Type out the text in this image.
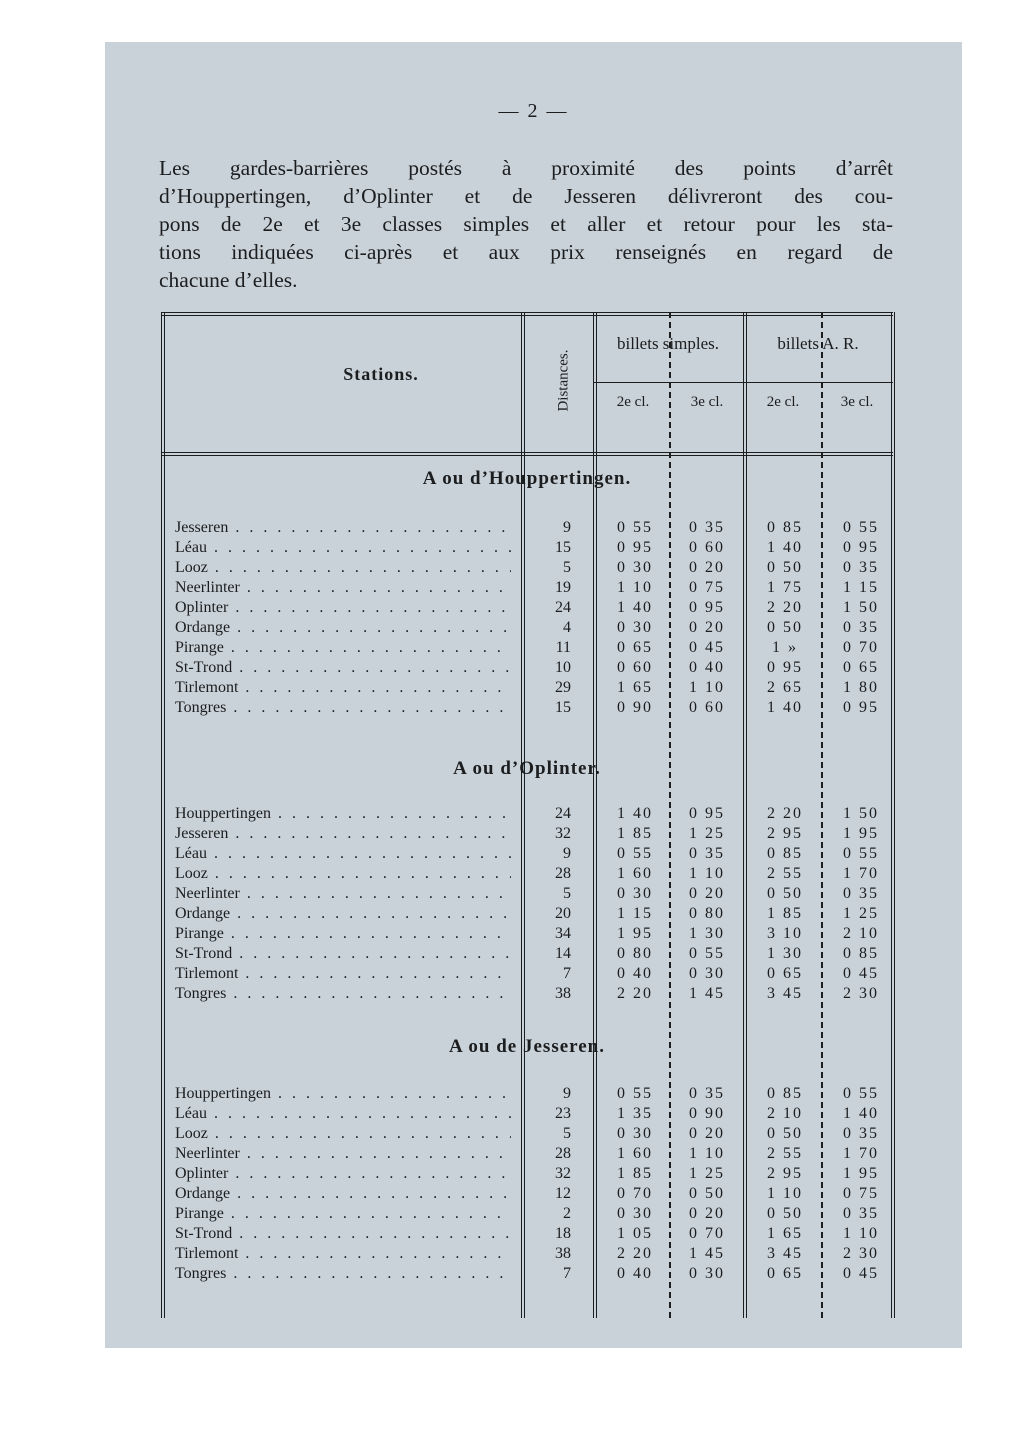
— 2 —
Les gardes-barrières postés à proximité des points d’arrêt
d’Houppertingen, d’Oplinter et de Jesseren délivreront des cou-
pons de 2e et 3e classes simples et aller et retour pour les sta-
tions indiquées ci-après et aux prix renseignés en regard de
chacune d’elles.
Stations.	Distances.
billets simples.	billets A. R.
2e cl.	3e cl.	2e cl.	3e cl.
A ou d’Houppertingen.
Jesseren . . .	9	0 55	0 35	0 85	0 55
Léau . . .	15	0 95	0 60	1 40	0 95
Looz . . .	5	0 30	0 20	0 50	0 35
Neerlinter . . .	19	1 10	0 75	1 75	1 15
Oplinter . . .	24	1 40	0 95	2 20	1 50
Ordange . . .	4	0 30	0 20	0 50	0 35
Pirange . . .	11	0 65	0 45	1 »	0 70
St-Trond . . .	10	0 60	0 40	0 95	0 65
Tirlemont . . .	29	1 65	1 10	2 65	1 80
Tongres . . .	15	0 90	0 60	1 40	0 95
A ou d’Oplinter.
Houppertingen . . .	24	1 40	0 95	2 20	1 50
Jesseren . . .	32	1 85	1 25	2 95	1 95
Léau . . .	9	0 55	0 35	0 85	0 55
Looz . . .	28	1 60	1 10	2 55	1 70
Neerlinter . . .	5	0 30	0 20	0 50	0 35
Ordange . . .	20	1 15	0 80	1 85	1 25
Pirange . . .	34	1 95	1 30	3 10	2 10
St-Trond . . .	14	0 80	0 55	1 30	0 85
Tirlemont . . .	7	0 40	0 30	0 65	0 45
Tongres . . .	38	2 20	1 45	3 45	2 30
A ou de Jesseren.
Houppertingen . . .	9	0 55	0 35	0 85	0 55
Léau . . .	23	1 35	0 90	2 10	1 40
Looz . . .	5	0 30	0 20	0 50	0 35
Neerlinter . . .	28	1 60	1 10	2 55	1 70
Oplinter . . .	32	1 85	1 25	2 95	1 95
Ordange . . .	12	0 70	0 50	1 10	0 75
Pirange . . .	2	0 30	0 20	0 50	0 35
St-Trond . . .	18	1 05	0 70	1 65	1 10
Tirlemont . . .	38	2 20	1 45	3 45	2 30
Tongres . . .	7	0 40	0 30	0 65	0 45
